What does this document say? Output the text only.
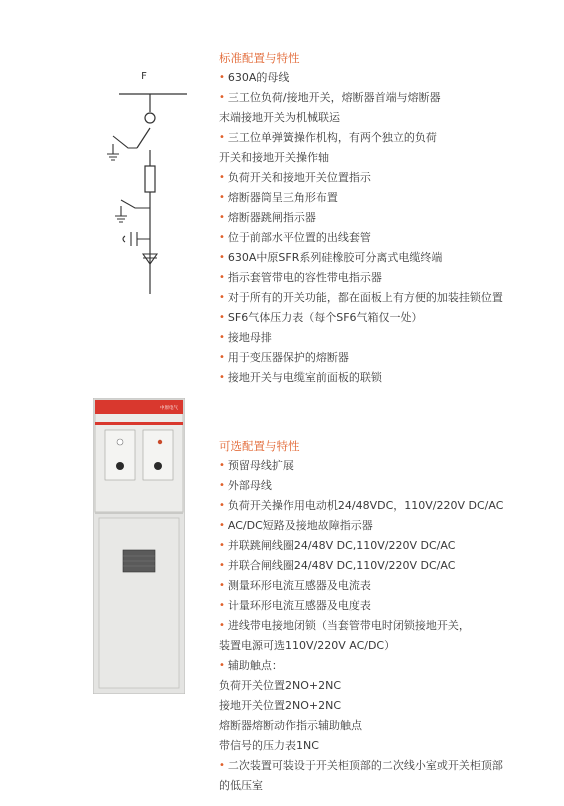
F
标准配置与特性
• 630A的母线
• 三工位负荷/接地开关，熔断器首端与熔断器
末端接地开关为机械联运
• 三工位单弹簧操作机构，有两个独立的负荷
开关和接地开关操作轴
• 负荷开关和接地开关位置指示
• 熔断器筒呈三角形布置
• 熔断器跳闸指示器
• 位于前部水平位置的出线套管
• 630A中原SFR系列硅橡胶可分离式电缆终端
• 指示套管带电的容性带电指示器
• 对于所有的开关功能，都在面板上有方便的加装挂锁位置
• SF6气体压力表（每个SF6气箱仅一处）
• 接地母排
• 用于变压器保护的熔断器
• 接地开关与电缆室前面板的联锁
中原电气
可选配置与特性
• 预留母线扩展
• 外部母线
• 负荷开关操作用电动机24/48VDC，110V/220V DC/AC
• AC/DC短路及接地故障指示器
• 并联跳闸线圈24/48V DC,110V/220V DC/AC
• 并联合闸线圈24/48V DC,110V/220V DC/AC
• 测量环形电流互感器及电流表
• 计量环形电流互感器及电度表
• 进线带电接地闭锁（当套管带电时闭锁接地开关，
装置电源可选110V/220V AC/DC）
• 辅助触点：
负荷开关位置2NO+2NC
接地开关位置2NO+2NC
熔断器熔断动作指示辅助触点
带信号的压力表1NC
• 二次装置可装设于开关柜顶部的二次线小室或开关柜顶部
的低压室
